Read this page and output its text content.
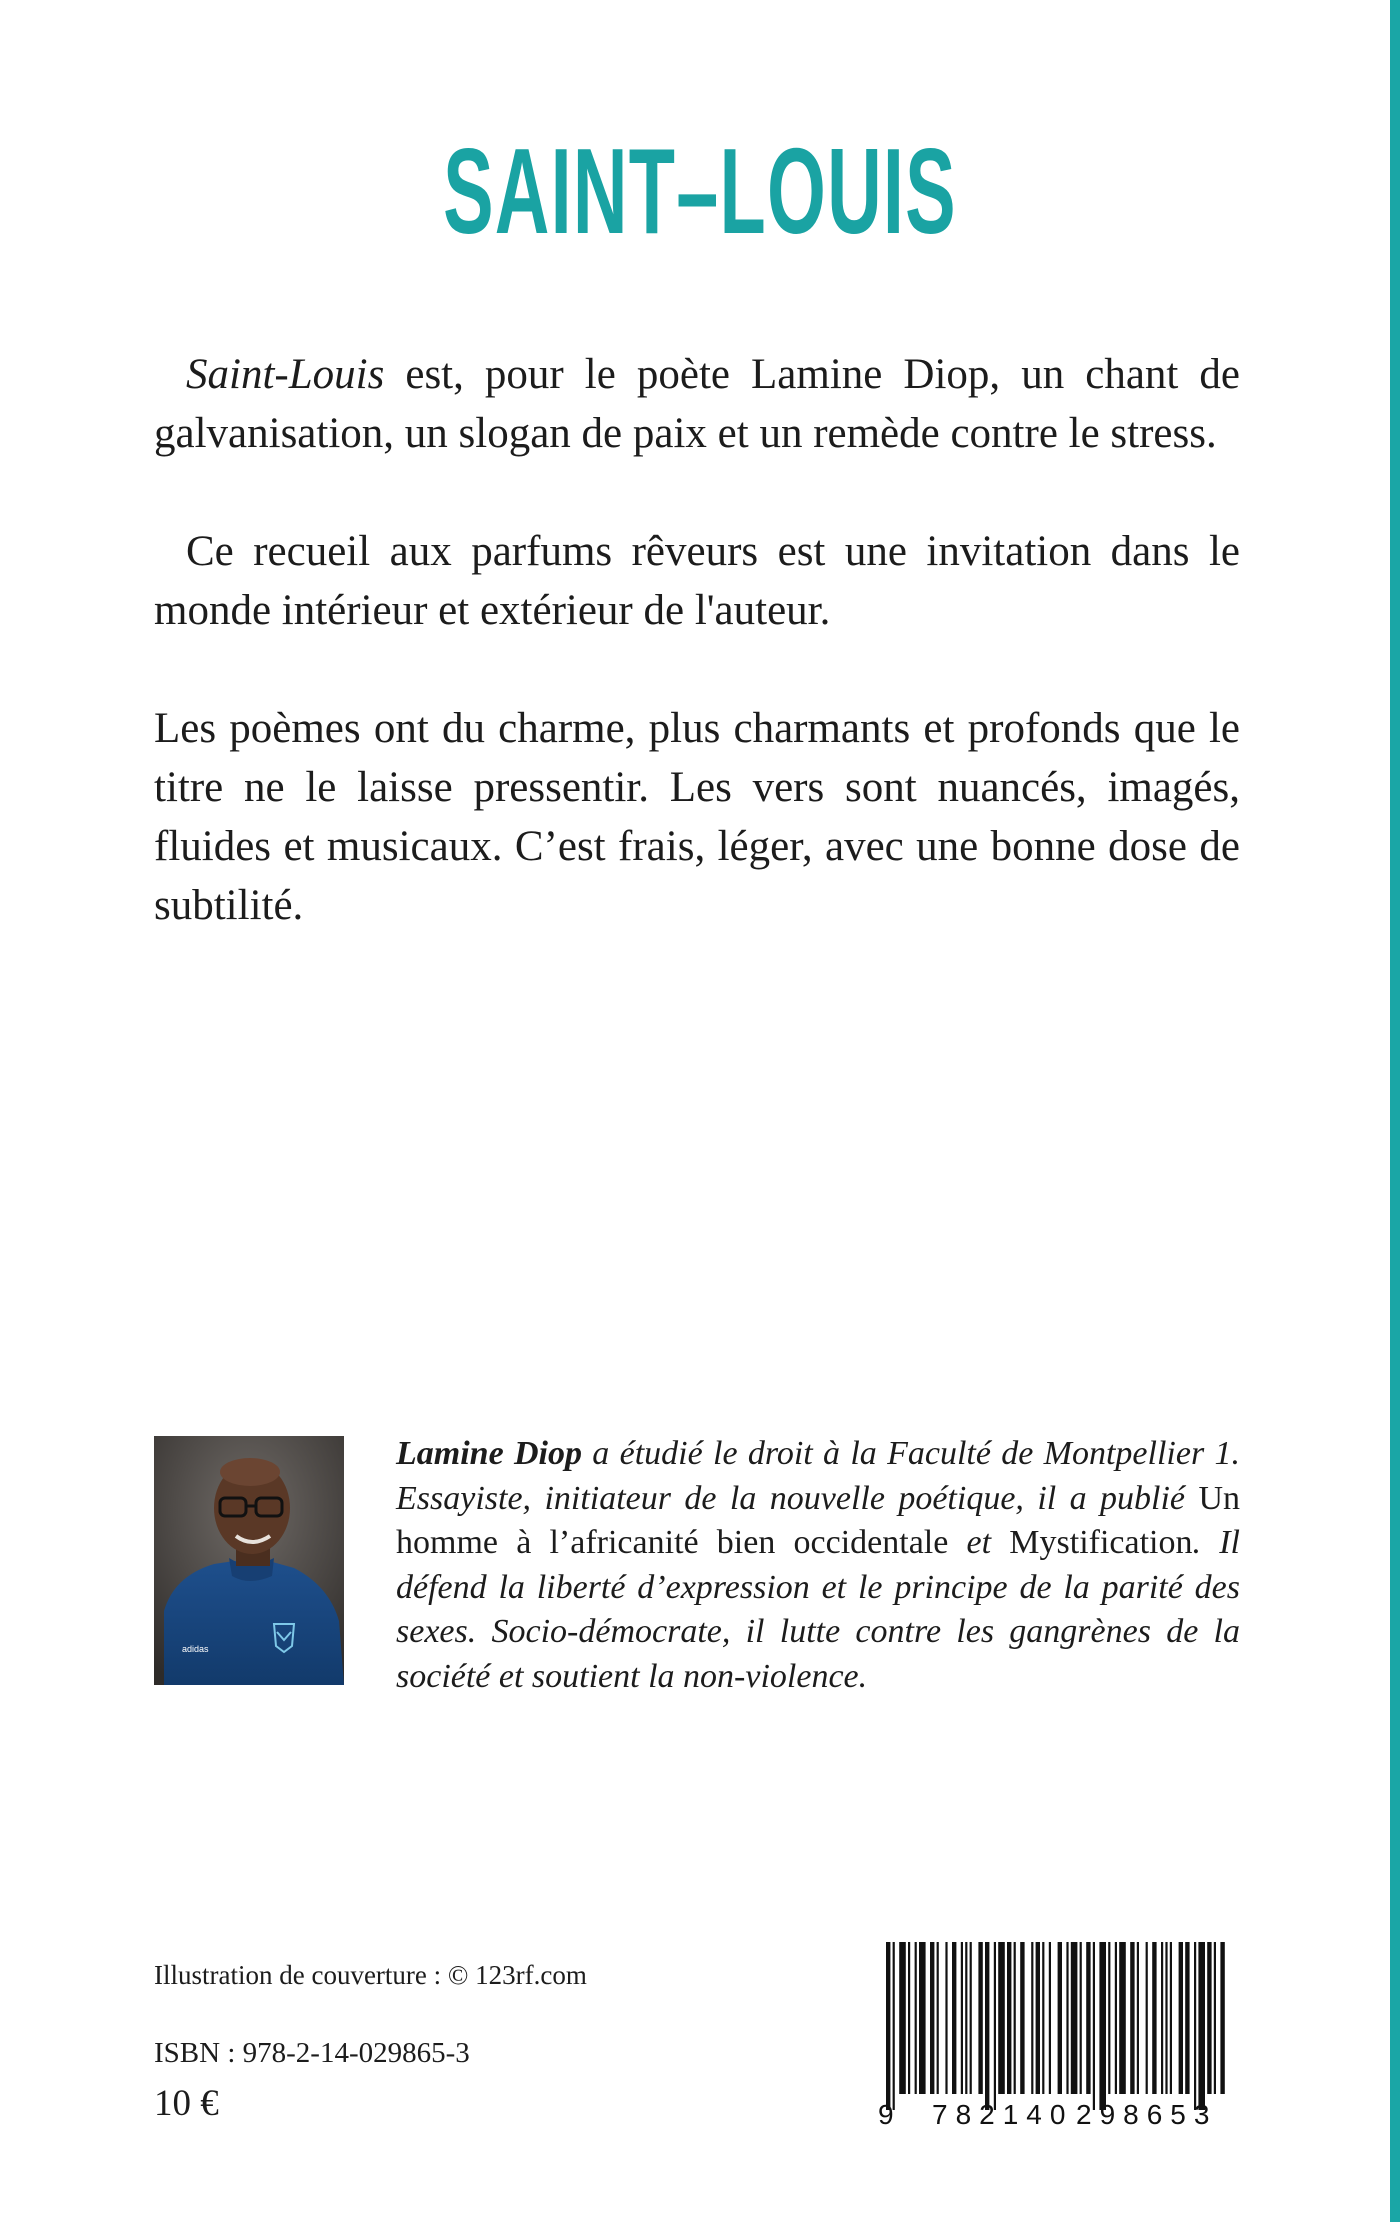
SAINT–LOUIS

Saint-Louis est, pour le poète Lamine Diop, un chant de galvanisation, un slogan de paix et un remède contre le stress.

Ce recueil aux parfums rêveurs est une invitation dans le monde intérieur et extérieur de l'auteur.

Les poèmes ont du charme, plus charmants et profonds que le titre ne le laisse pressentir. Les vers sont nuancés, imagés, fluides et musicaux. C’est frais, léger, avec une bonne dose de subtilité.

adidas

Lamine Diop a étudié le droit à la Faculté de Montpellier 1. Essayiste, initiateur de la nouvelle poétique, il a publié Un homme à l’africanité bien occidentale et Mystification. Il défend la liberté d’expression et le principe de la parité des sexes. Socio-démocrate, il lutte contre les gangrènes de la société et soutient la non-violence.

Illustration de couverture : © 123rf.com
ISBN : 978-2-14-029865-3
10 €	9 782140 298653
